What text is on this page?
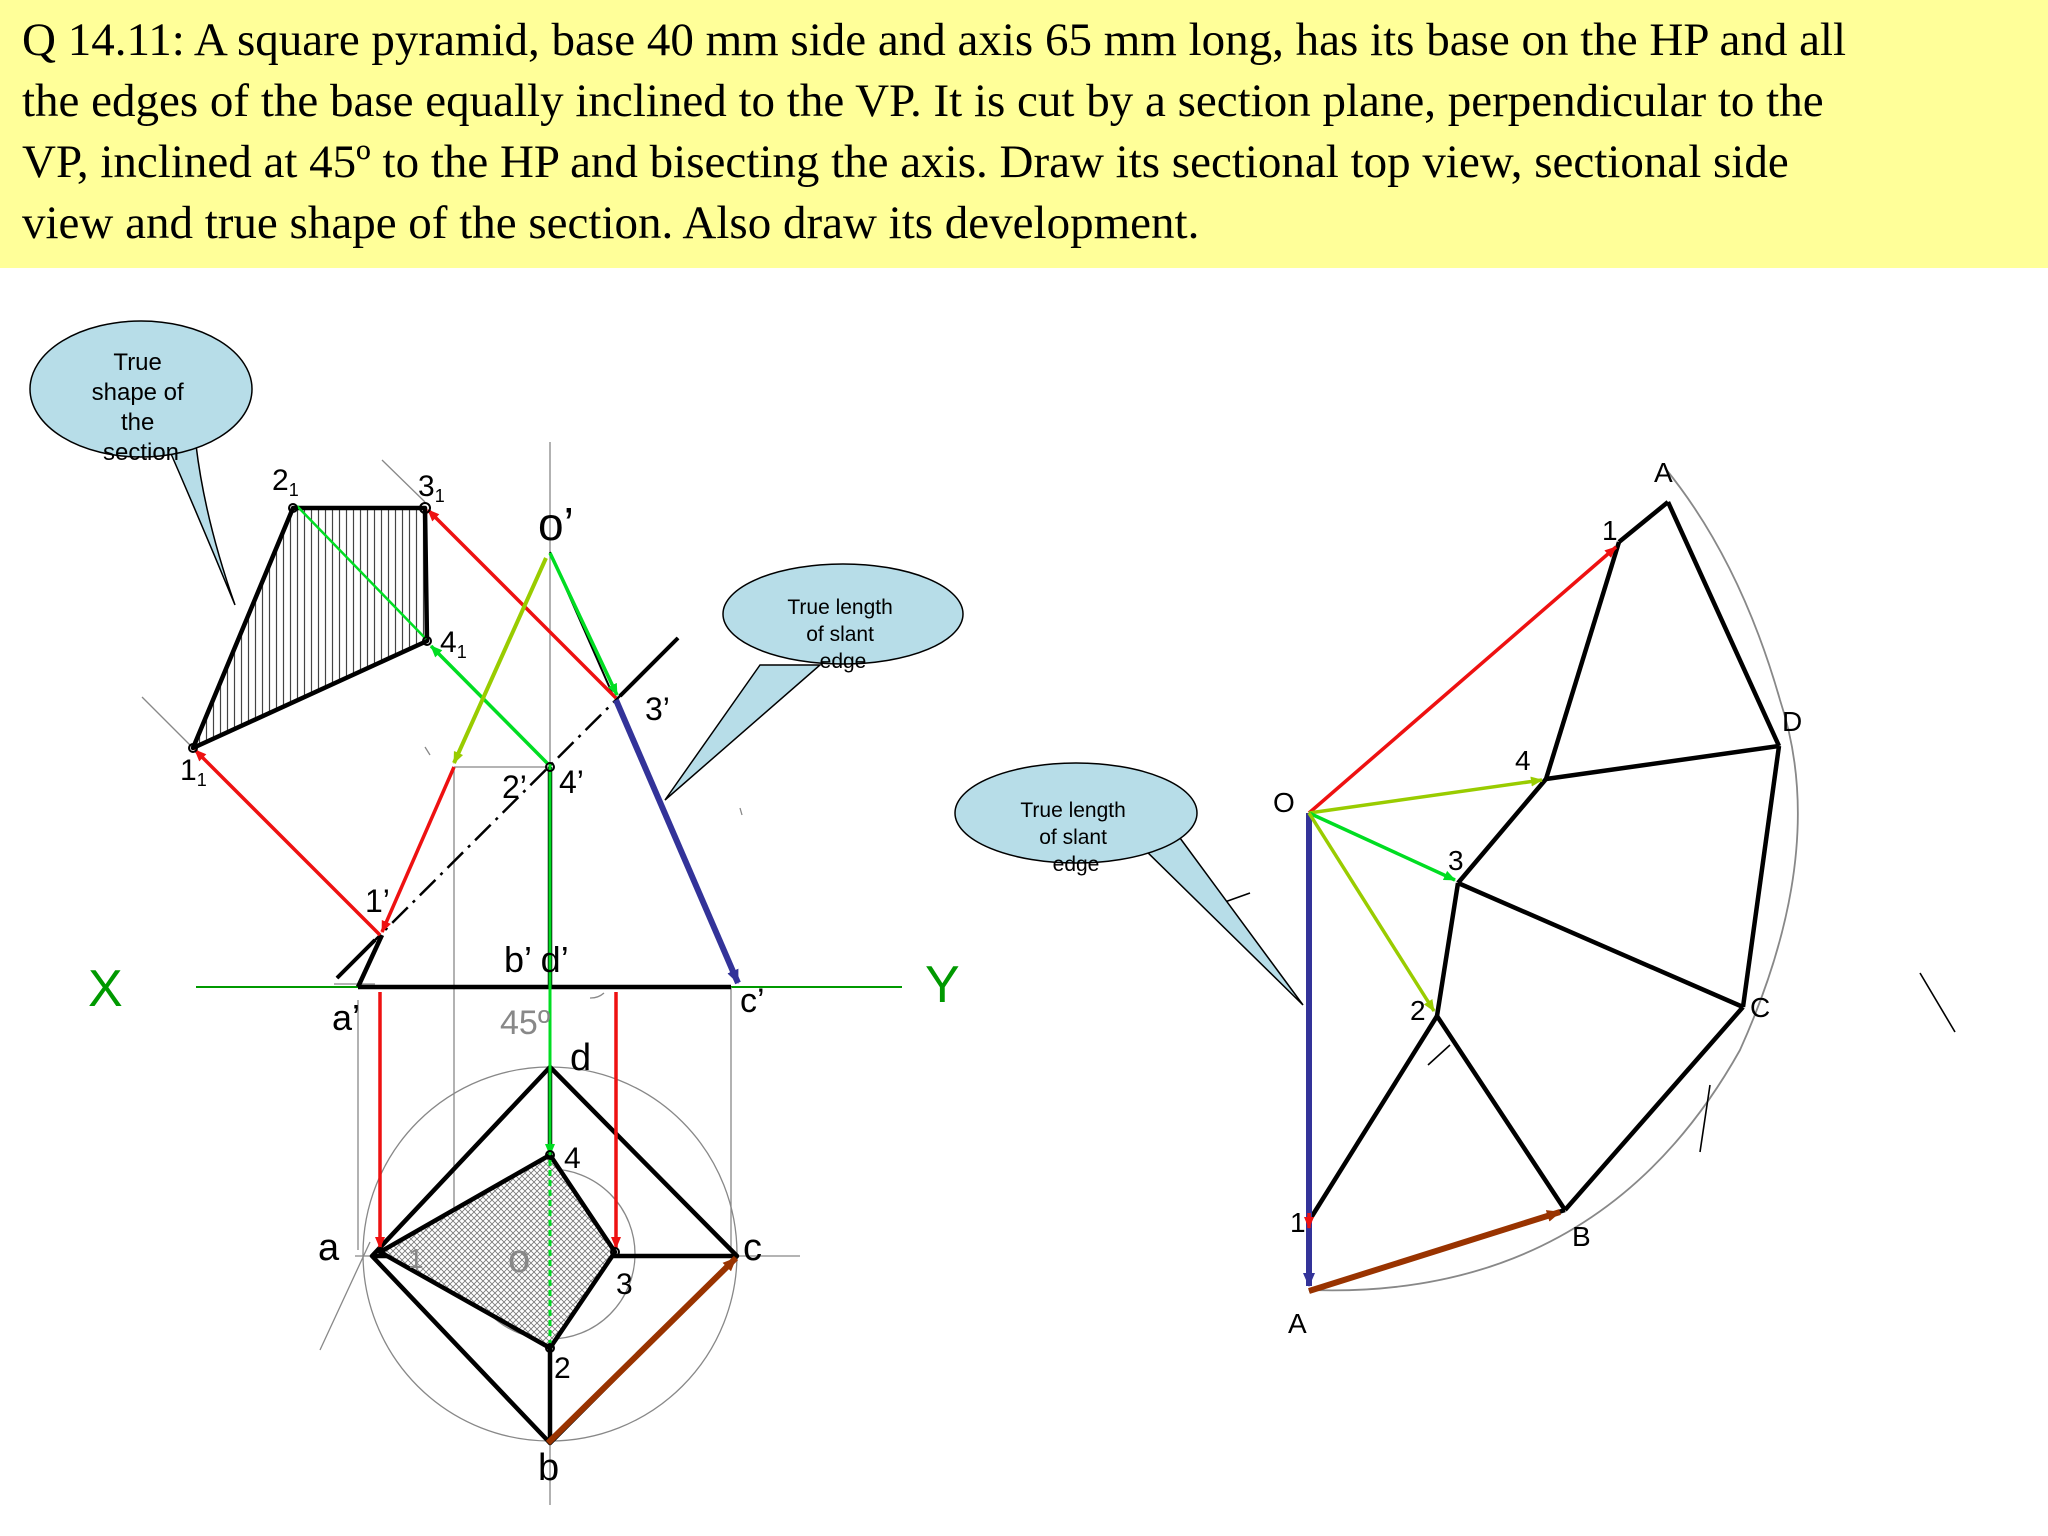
Q 14.11: A square pyramid, base 40 mm side and axis 65 mm long, has its base on the HP and all
the edges of the base equally inclined to the VP. It is cut by a section plane, perpendicular to the
VP, inclined at 45º to the HP and bisecting the axis. Draw its sectional top view, sectional side
view and true shape of the section. Also draw its development.

X	Y
o’
a’
b’ d’
c’
1’
2’
3’
4’
45º
a
b
c
d
o
1
2
3
4
$1_1$
$2_1$	$3_1$
$4_1$
True shape of the section
True length of slant edge
True length of slant edge
O
A
A
B
C
D
1
1
2
3
4
